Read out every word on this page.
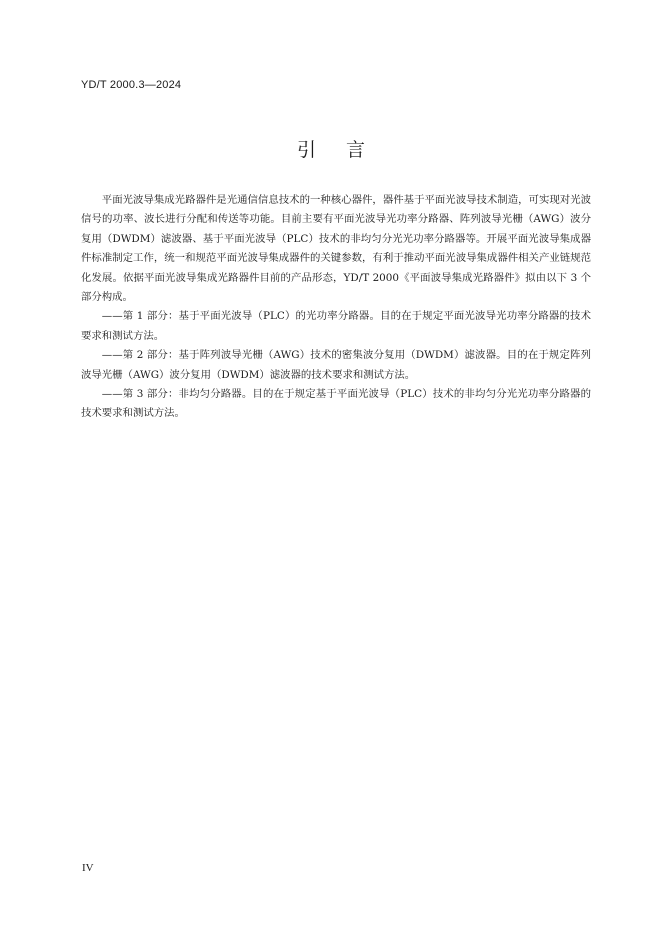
YD/T 2000.3—2024
引言

平面光波导集成光路器件是光通信信息技术的一种核心器件，器件基于平面光波导技术制造，可实现对光波信号的功率、波长进行分配和传送等功能。目前主要有平面光波导光功率分路器、阵列波导光栅（AWG）波分复用（DWDM）滤波器、基于平面光波导（PLC）技术的非均匀分光光功率分路器等。开展平面光波导集成器件标准制定工作，统一和规范平面光波导集成器件的关键参数，有利于推动平面光波导集成器件相关产业链规范化发展。依据平面光波导集成光路器件目前的产品形态，YD/T 2000《平面波导集成光路器件》拟由以下 3 个部分构成。

——第 1 部分：基于平面光波导（PLC）的光功率分路器。目的在于规定平面光波导光功率分路器的技术要求和测试方法。

——第 2 部分：基于阵列波导光栅（AWG）技术的密集波分复用（DWDM）滤波器。目的在于规定阵列波导光栅（AWG）波分复用（DWDM）滤波器的技术要求和测试方法。

——第 3 部分：非均匀分路器。目的在于规定基于平面光波导（PLC）技术的非均匀分光光功率分路器的技术要求和测试方法。

IV
